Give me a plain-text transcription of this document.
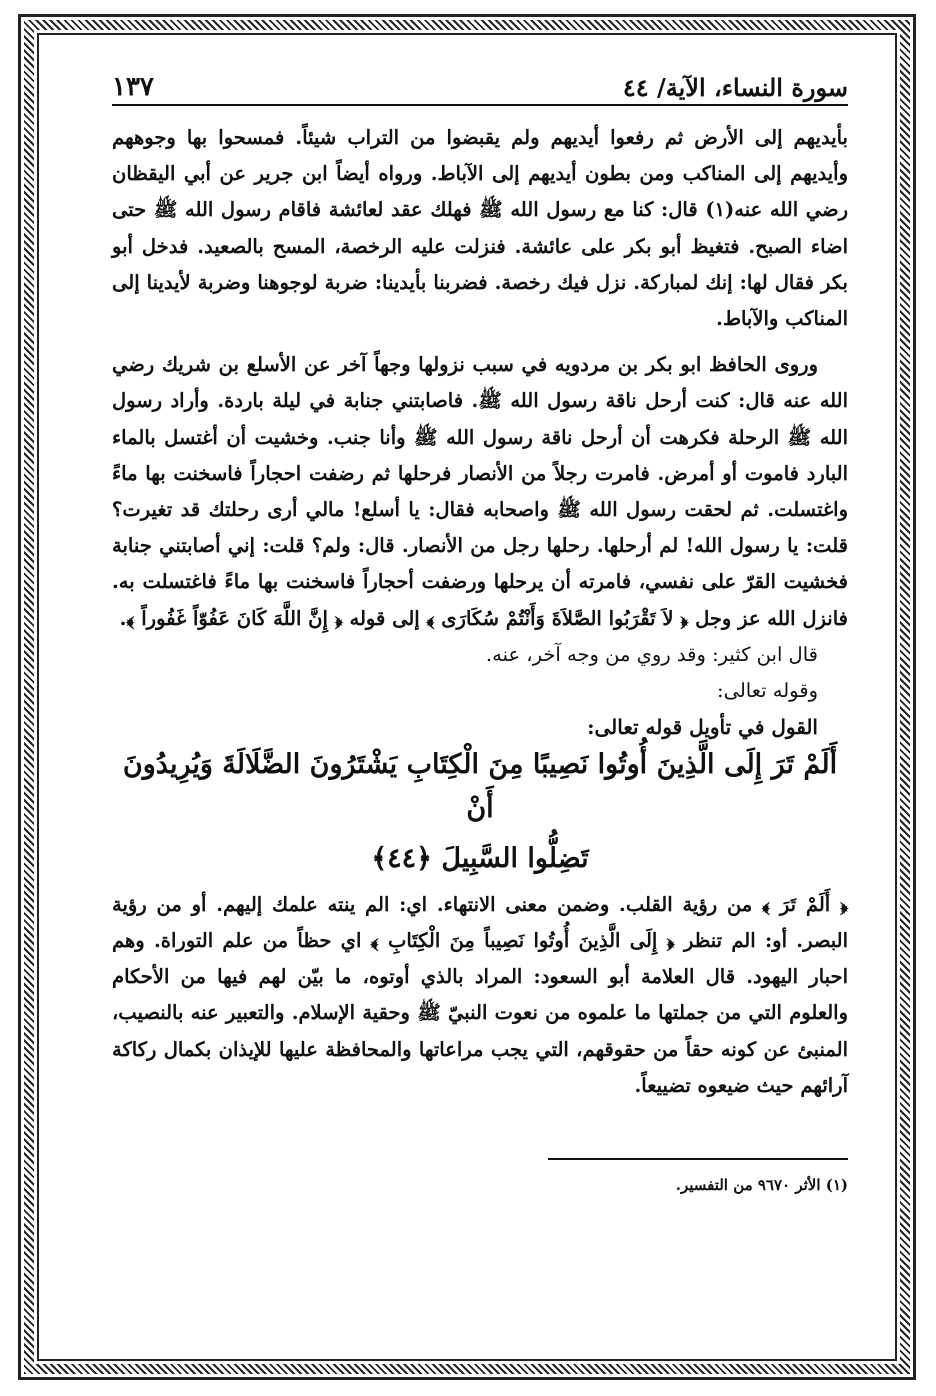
سورة النساء، الآية/ ٤٤
١٣٧

بأيديهم إلى الأرض ثم رفعوا أيديهم ولم يقبضوا من التراب شيئاً. فمسحوا بها وجوههم وأيديهم إلى المناكب ومن بطون أيديهم إلى الآباط. ورواه أيضاً ابن جرير عن أبي اليقظان رضي الله عنه(١) قال: كنا مع رسول الله ﷺ فهلك عقد لعائشة فاقام رسول الله ﷺ حتى اضاء الصبح. فتغيظ أبو بكر على عائشة. فنزلت عليه الرخصة، المسح بالصعيد. فدخل أبو بكر فقال لها: إنك لمباركة. نزل فيك رخصة. فضربنا بأيدينا: ضربة لوجوهنا وضربة لأيدينا إلى المناكب والآباط.

وروى الحافظ ابو بكر بن مردويه في سبب نزولها وجهاً آخر عن الأسلع بن شريك رضي الله عنه قال: كنت أرحل ناقة رسول الله ﷺ. فاصابتني جنابة في ليلة باردة. وأراد رسول الله ﷺ الرحلة فكرهت أن أرحل ناقة رسول الله ﷺ وأنا جنب. وخشيت أن أغتسل بالماء البارد فاموت أو أمرض. فامرت رجلاً من الأنصار فرحلها ثم رضفت احجاراً فاسخنت بها ماءً واغتسلت. ثم لحقت رسول الله ﷺ واصحابه فقال: يا أسلع! مالي أرى رحلتك قد تغيرت؟ قلت: يا رسول الله! لم أرحلها. رحلها رجل من الأنصار. قال: ولم؟ قلت: إني أصابتني جنابة فخشيت القرّ على نفسي، فامرته أن يرحلها ورضفت أحجاراً فاسخنت بها ماءً فاغتسلت به. فانزل الله عز وجل ﴿ لاَ تَقْرَبُوا الصَّلاَةَ وَأَنْتُمْ سُكَارَى ﴾ إلى قوله ﴿ إِنَّ اللَّهَ كَانَ عَفُوّاً غَفُوراً ﴾.

قال ابن كثير: وقد روي من وجه آخر، عنه.

وقوله تعالى:

القول في تأويل قوله تعالى:
أَلَمْ تَرَ إِلَى الَّذِينَ أُوتُوا نَصِيبًا مِنَ الْكِتَابِ يَشْتَرُونَ الضَّلَالَةَ وَيُرِيدُونَ أَنْ
تَضِلُّوا السَّبِيلَ ﴿٤٤﴾

﴿ أَلَمْ تَرَ ﴾ من رؤية القلب. وضمن معنى الانتهاء. اي: الم ينته علمك إليهم. أو من رؤية البصر. أو: الم تنظر ﴿ إِلَى الَّذِينَ أُوتُوا نَصِيباً مِنَ الْكِتَابِ ﴾ اي حظاً من علم التوراة. وهم احبار اليهود. قال العلامة أبو السعود: المراد بالذي أوتوه، ما بيّن لهم فيها من الأحكام والعلوم التي من جملتها ما علموه من نعوت النبيّ ﷺ وحقية الإسلام. والتعبير عنه بالنصيب، المنبئ عن كونه حقاً من حقوقهم، التي يجب مراعاتها والمحافظة عليها للإيذان بكمال ركاكة آرائهم حيث ضيعوه تضييعاً.

(١) الأثر ٩٦٧٠ من التفسير.
